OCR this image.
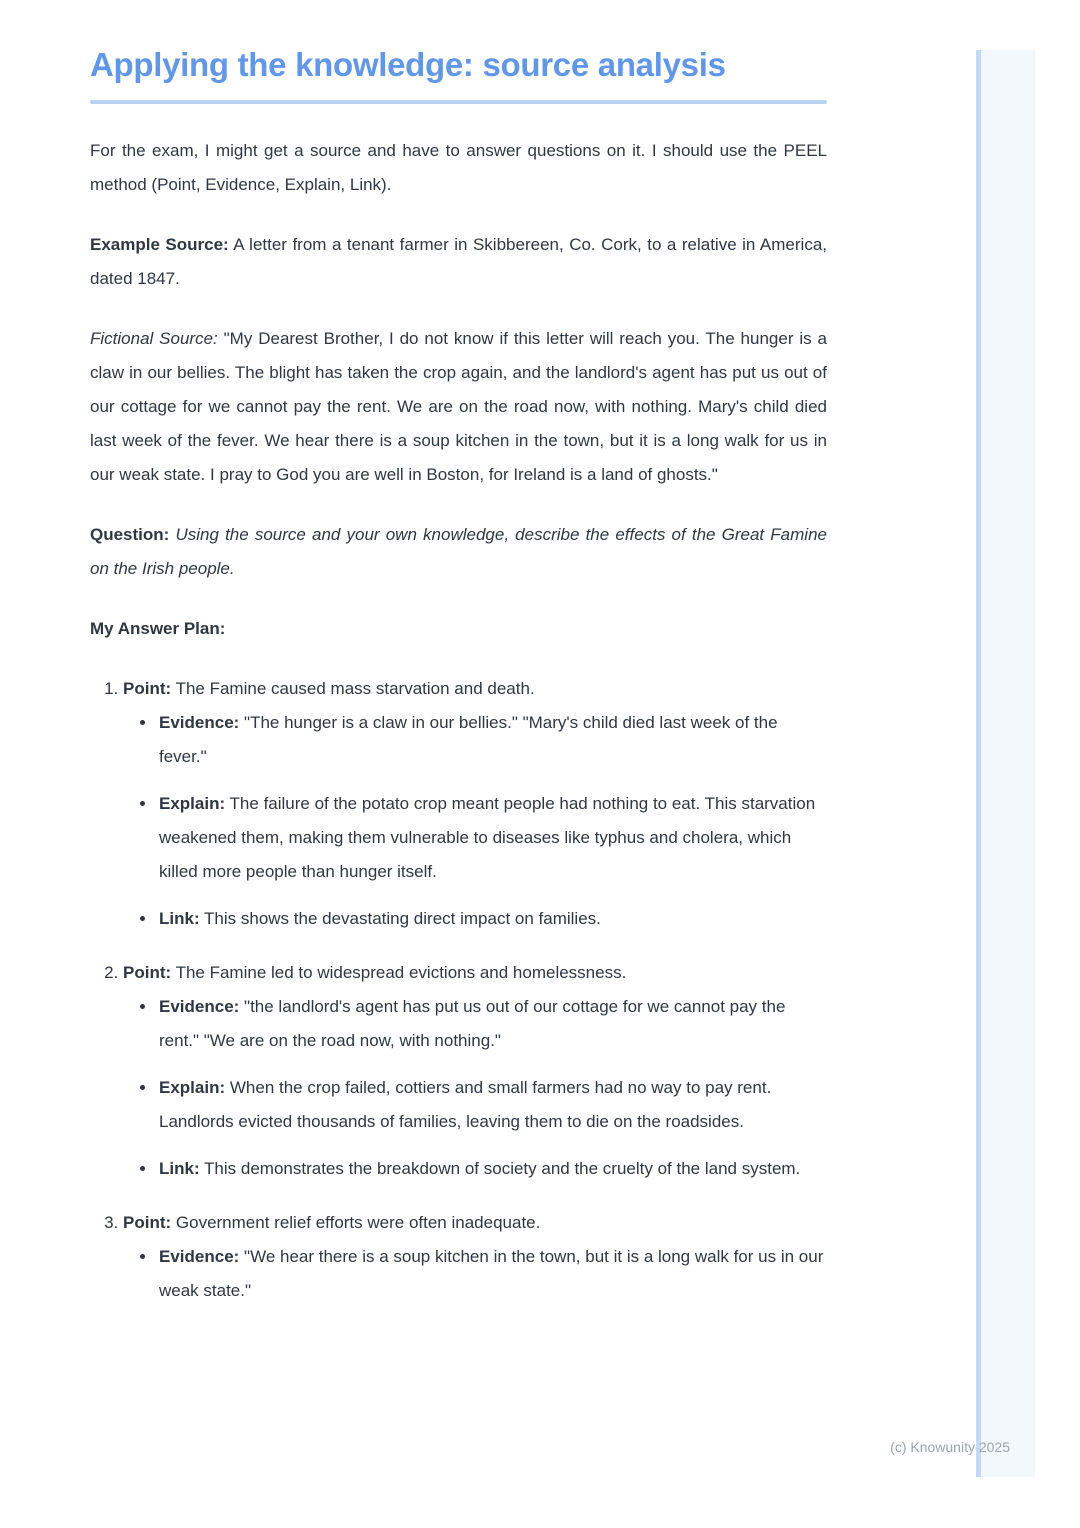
Applying the knowledge: source analysis

For the exam, I might get a source and have to answer questions on it. I should use the PEEL method (Point, Evidence, Explain, Link).

Example Source: A letter from a tenant farmer in Skibbereen, Co. Cork, to a relative in America, dated 1847.

Fictional Source: "My Dearest Brother, I do not know if this letter will reach you. The hunger is a claw in our bellies. The blight has taken the crop again, and the landlord's agent has put us out of our cottage for we cannot pay the rent. We are on the road now, with nothing. Mary's child died last week of the fever. We hear there is a soup kitchen in the town, but it is a long walk for us in our weak state. I pray to God you are well in Boston, for Ireland is a land of ghosts."

Question: Using the source and your own knowledge, describe the effects of the Great Famine on the Irish people.

My Answer Plan:

1. Point: The Famine caused mass starvation and death.
• Evidence: "The hunger is a claw in our bellies." "Mary's child died last week of the fever."
• Explain: The failure of the potato crop meant people had nothing to eat. This starvation weakened them, making them vulnerable to diseases like typhus and cholera, which killed more people than hunger itself.
• Link: This shows the devastating direct impact on families.
2. Point: The Famine led to widespread evictions and homelessness.
• Evidence: "the landlord's agent has put us out of our cottage for we cannot pay the rent." "We are on the road now, with nothing."
• Explain: When the crop failed, cottiers and small farmers had no way to pay rent. Landlords evicted thousands of families, leaving them to die on the roadsides.
• Link: This demonstrates the breakdown of society and the cruelty of the land system.
3. Point: Government relief efforts were often inadequate.
• Evidence: "We hear there is a soup kitchen in the town, but it is a long walk for us in our weak state."
(c) Knowunity 2025
